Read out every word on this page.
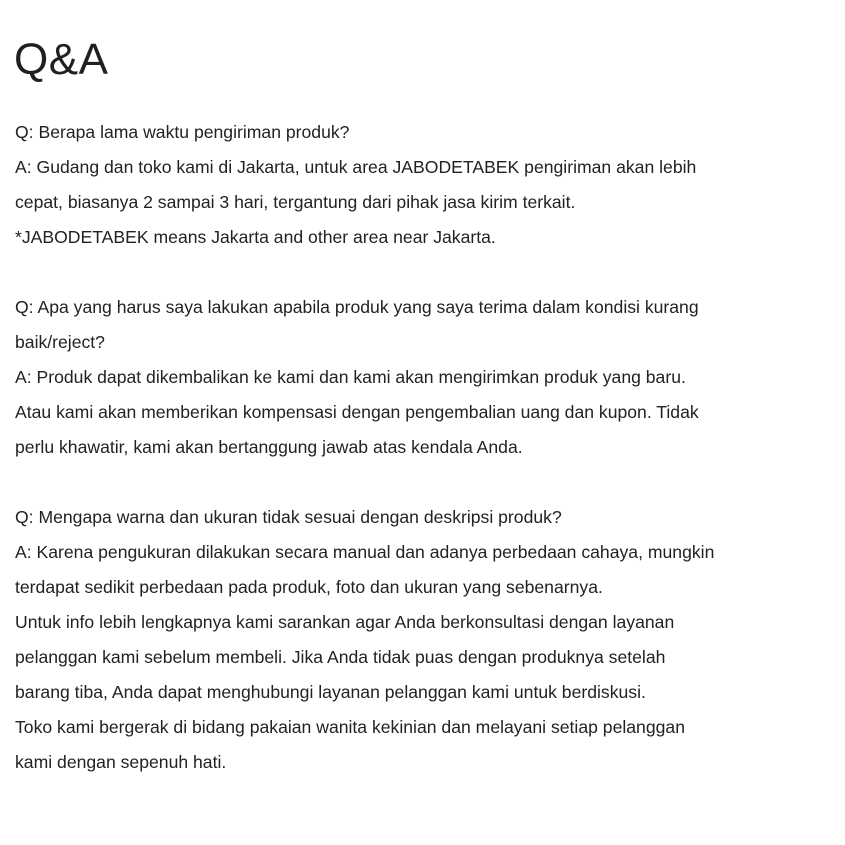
Q&A
Q: Berapa lama waktu pengiriman produk?
A: Gudang dan toko kami di Jakarta, untuk area JABODETABEK pengiriman akan lebih
cepat, biasanya 2 sampai 3 hari, tergantung dari pihak jasa kirim terkait.
*JABODETABEK means Jakarta and other area near Jakarta.
Q: Apa yang harus saya lakukan apabila produk yang saya terima dalam kondisi kurang
baik/reject?
A: Produk dapat dikembalikan ke kami dan kami akan mengirimkan produk yang baru.
Atau kami akan memberikan kompensasi dengan pengembalian uang dan kupon. Tidak
perlu khawatir, kami akan bertanggung jawab atas kendala Anda.
Q: Mengapa warna dan ukuran tidak sesuai dengan deskripsi produk?
A: Karena pengukuran dilakukan secara manual dan adanya perbedaan cahaya, mungkin
terdapat sedikit perbedaan pada produk, foto dan ukuran yang sebenarnya.
Untuk info lebih lengkapnya kami sarankan agar Anda berkonsultasi dengan layanan
pelanggan kami sebelum membeli. Jika Anda tidak puas dengan produknya setelah
barang tiba, Anda dapat menghubungi layanan pelanggan kami untuk berdiskusi.
Toko kami bergerak di bidang pakaian wanita kekinian dan melayani setiap pelanggan
kami dengan sepenuh hati.
